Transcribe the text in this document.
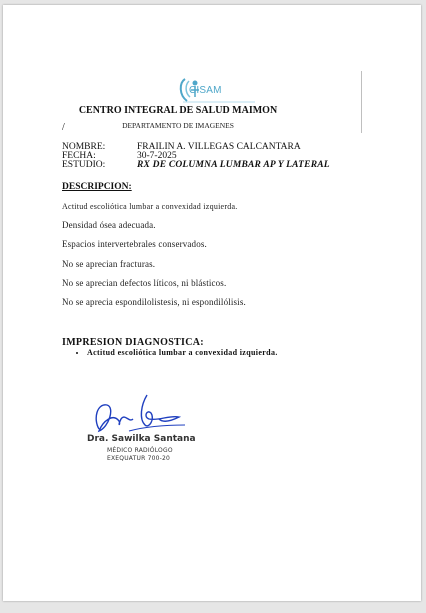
CISAM
CENTRO INTEGRAL DE SALUD MAIMON
DEPARTAMENTO DE IMAGENES
/
NOMBRE:	FRAILIN A. VILLEGAS CALCANTARA
FECHA:	30-7-2025
ESTUDIO:	RX DE COLUMNA LUMBAR AP Y LATERAL
DESCRIPCION:
Actitud escoliótica lumbar a convexidad izquierda.
Densidad ósea adecuada.
Espacios intervertebrales conservados.
No se aprecian fracturas.
No se aprecian defectos líticos, ni blásticos.
No se aprecia espondilolistesis, ni espondilólisis.
IMPRESION DIAGNOSTICA:
• Actitud escoliótica lumbar a convexidad izquierda.
Dra. Sawilka Santana
MÉDICO RADIÓLOGO
EXEQUATUR 700-20
